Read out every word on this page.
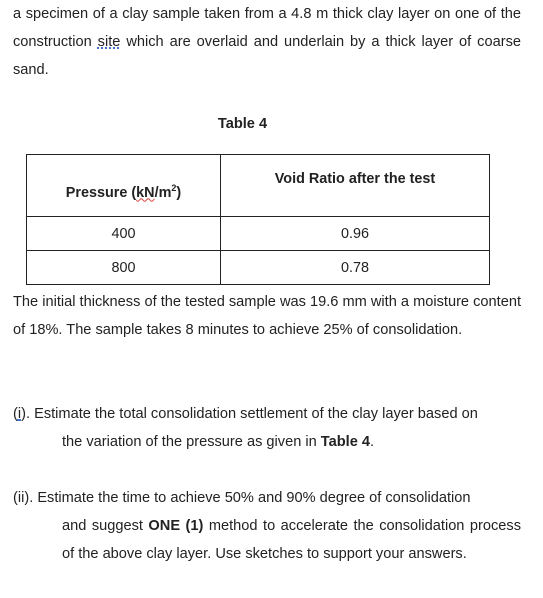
a specimen of a clay sample taken from a 4.8 m thick clay layer on one of the construction site which are overlaid and underlain by a thick layer of coarse sand.
Table 4
Pressure $(kN/m^2)$	Void Ratio after the test
400	0.96
800	0.78
The initial thickness of the tested sample was 19.6 mm with a moisture content of 18%. The sample takes 8 minutes to achieve 25% of consolidation.
(i). Estimate the total consolidation settlement of the clay layer based on
the variation of the pressure as given in Table 4.
(ii). Estimate the time to achieve 50% and 90% degree of consolidation
and suggest ONE (1) method to accelerate the consolidation process of the above clay layer. Use sketches to support your answers.
